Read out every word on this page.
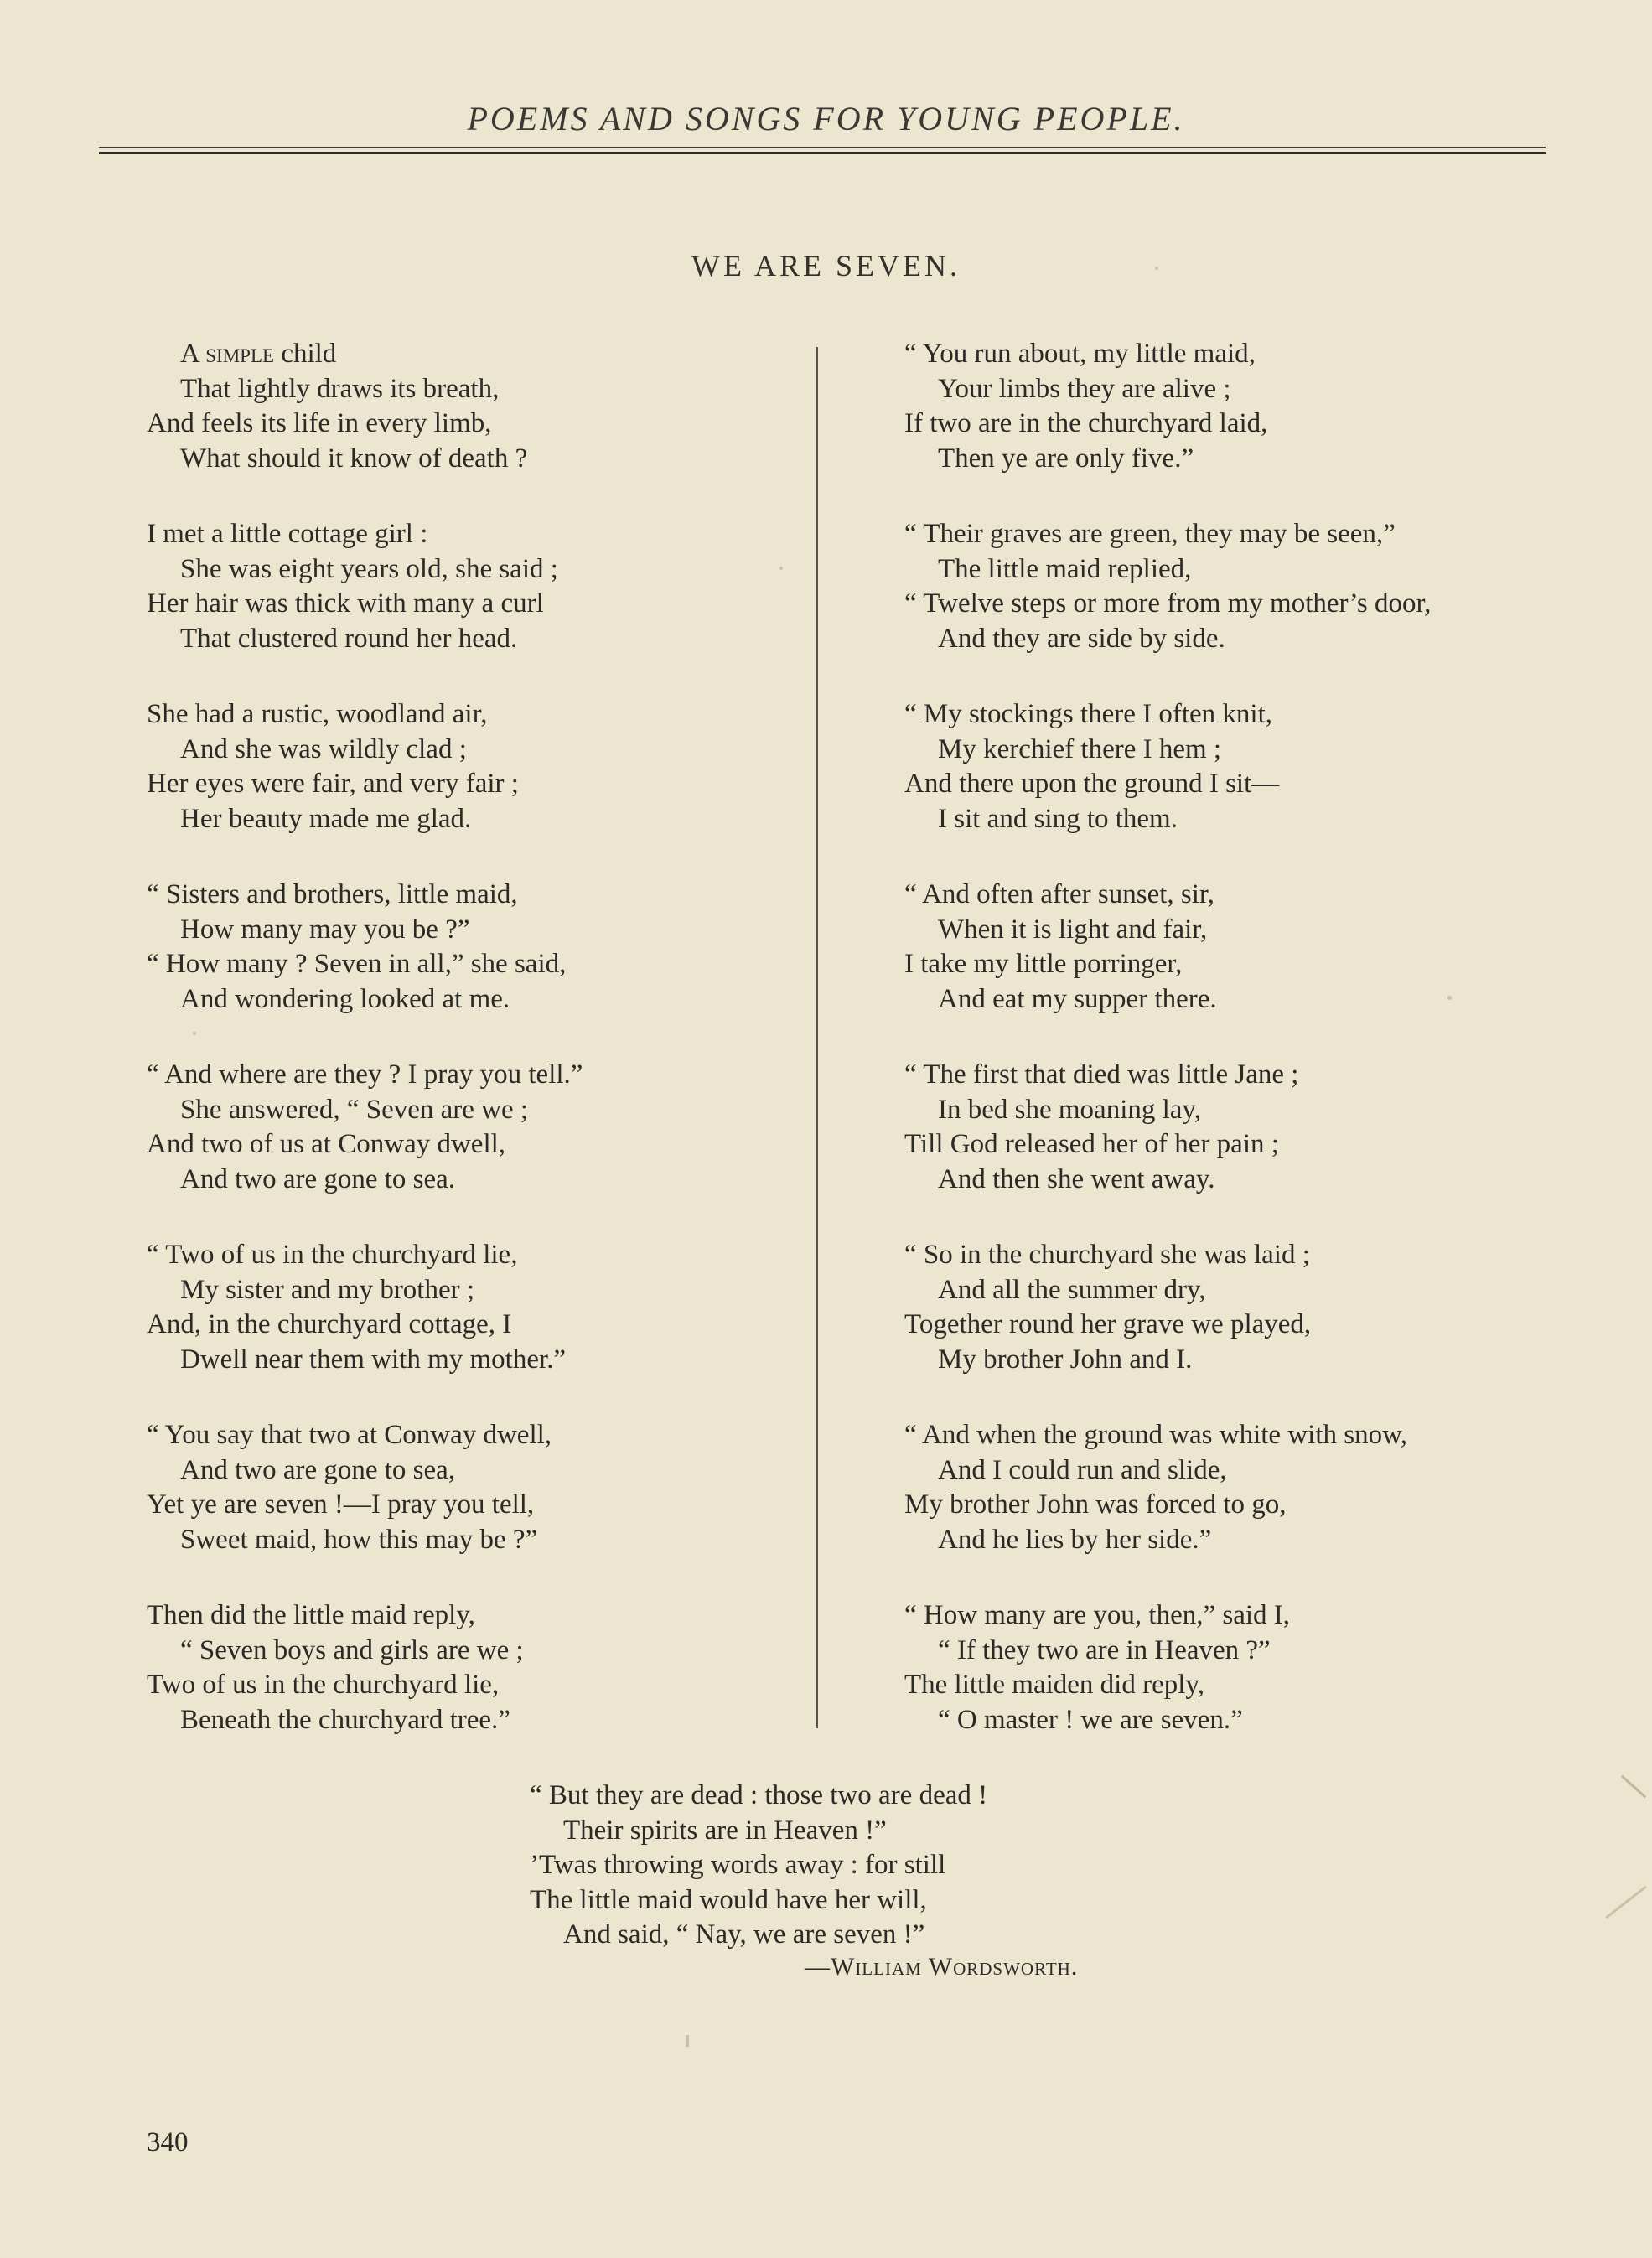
POEMS AND SONGS FOR YOUNG PEOPLE.
WE ARE SEVEN.
A simple child
That lightly draws its breath,
And feels its life in every limb,
What should it know of death ?
I met a little cottage girl :
She was eight years old, she said ;
Her hair was thick with many a curl
That clustered round her head.
She had a rustic, woodland air,
And she was wildly clad ;
Her eyes were fair, and very fair ;
Her beauty made me glad.
“ Sisters and brothers, little maid,
How many may you be ?”
“ How many ? Seven in all,” she said,
And wondering looked at me.
“ And where are they ? I pray you tell.”
She answered, “ Seven are we ;
And two of us at Conway dwell,
And two are gone to sea.
“ Two of us in the churchyard lie,
My sister and my brother ;
And, in the churchyard cottage, I
Dwell near them with my mother.”
“ You say that two at Conway dwell,
And two are gone to sea,
Yet ye are seven !—I pray you tell,
Sweet maid, how this may be ?”
Then did the little maid reply,
“ Seven boys and girls are we ;
Two of us in the churchyard lie,
Beneath the churchyard tree.”
“ You run about, my little maid,
Your limbs they are alive ;
If two are in the churchyard laid,
Then ye are only five.”
“ Their graves are green, they may be seen,”
The little maid replied,
“ Twelve steps or more from my mother’s door,
And they are side by side.
“ My stockings there I often knit,
My kerchief there I hem ;
And there upon the ground I sit—
I sit and sing to them.
“ And often after sunset, sir,
When it is light and fair,
I take my little porringer,
And eat my supper there.
“ The first that died was little Jane ;
In bed she moaning lay,
Till God released her of her pain ;
And then she went away.
“ So in the churchyard she was laid ;
And all the summer dry,
Together round her grave we played,
My brother John and I.
“ And when the ground was white with snow,
And I could run and slide,
My brother John was forced to go,
And he lies by her side.”
“ How many are you, then,” said I,
“ If they two are in Heaven ?”
The little maiden did reply,
“ O master ! we are seven.”
“ But they are dead : those two are dead !
Their spirits are in Heaven !”
’Twas throwing words away : for still
The little maid would have her will,
And said, “ Nay, we are seven !”
—William Wordsworth.
340
